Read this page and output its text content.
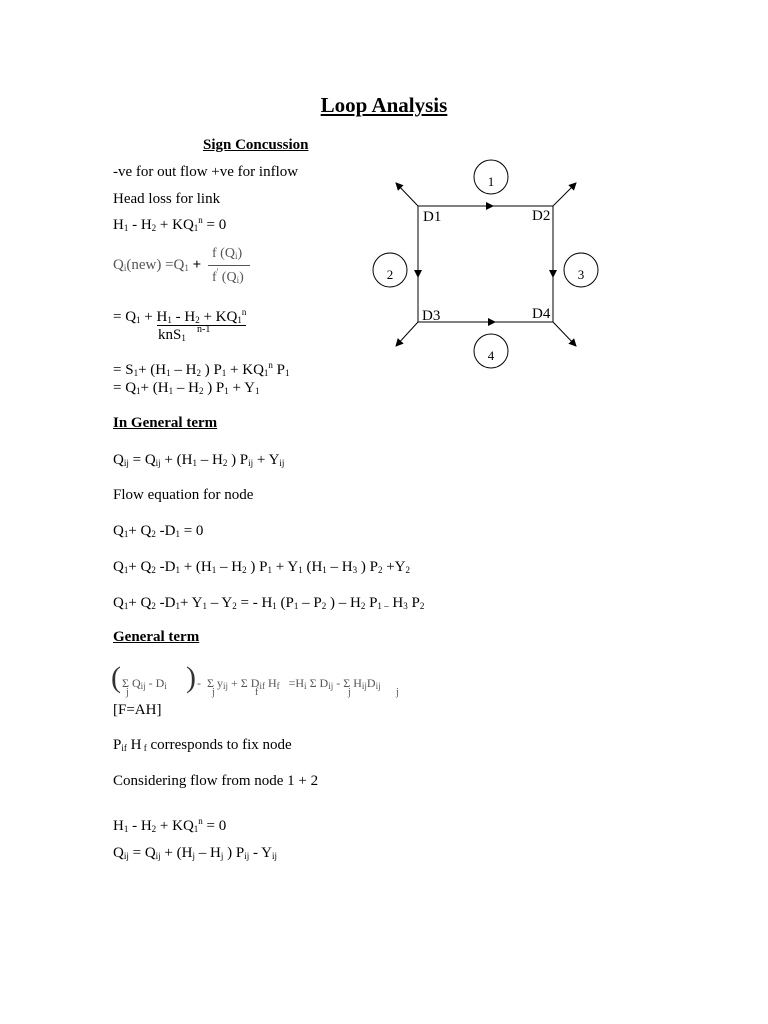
Loop Analysis
Sign Concussion
-ve for out flow +ve for inflow
Head loss for link
$H_1 - H_2 + KQ_1^n = 0$
$Q_i(new) =Q_1$ +
f $(Q_i)$
f' $(Q_i)$
= $Q_1 + H_1 - H_2 + KQ_1^n$
knS$_1$
n-1
= $S_1+ (H_1 - H_2$ ) $P_1 + KQ_1^n$ $P_1$
= $Q_1+ (H_1 - H_2$ ) $P_1 + Y_1$
In General term
$Q_{ij} = Q_{ij} + (H_1 - H_2$ ) $P_{ij} + Y_{ij}$
Flow equation for node
$Q_1+ Q_2$ $-D_1 = 0$
$Q_1+ Q_2$ $-D_1 + (H_1 - H_2$ ) $P_1 + Y_1$ ($H_1 - H_3$ ) $P_2 +Y_2$
$Q_1+ Q_2$ $-D_1+ Y_1 - Y_2$ = - $H_1$ ($P_1 - P_2$ ) – $H_2$ $P_{1 -}$ $H_3$ $P_2$
General term
( Σ $Q_{ij} - D_i$
j ) - Σ $y_{ij} + \Sigma$ $D_{if}$ $H_f =H_i$ Σ $D_{ij}$ - Σ $H_{ij}D_{ij}$
j	f	j	j
[F=AH]
$P_{if}$ H $_f$ corresponds to fix node
Considering flow from node 1 + 2
$H_1 - H_2 + KQ_1^n = 0$
$Q_{ij} = Q_{ij} + (H_j - H_j$ ) $P_{ij} - Y_{ij}$
1
2	3
4
D1	D2
D3	D4
